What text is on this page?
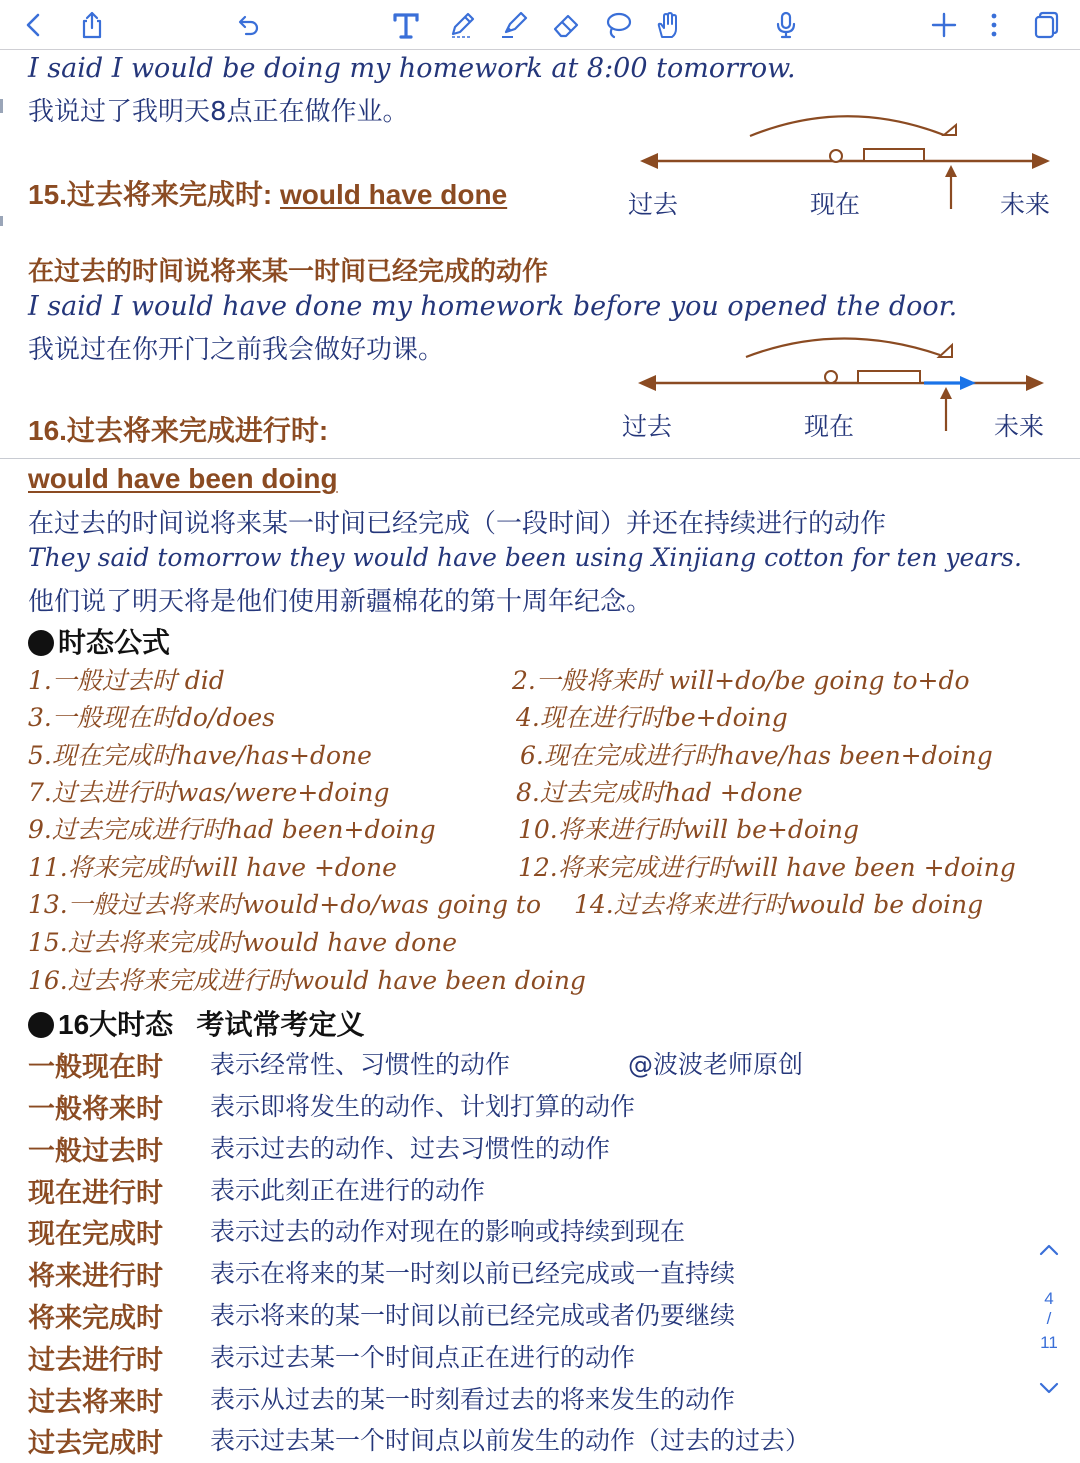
I said I would be doing my homework at 8:00 tomorrow.
我说过了我明天8点正在做作业。
15.过去将来完成时: would have done	过去	现在	未来
在过去的时间说将来某一时间已经完成的动作
I said I would have done my homework before you opened the door.
我说过在你开门之前我会做好功课。
过去	现在	未来
16.过去将来完成进行时:
would have been doing
在过去的时间说将来某一时间已经完成（一段时间）并还在持续进行的动作
They said tomorrow they would have been using Xinjiang cotton for ten years.
他们说了明天将是他们使用新疆棉花的第十周年纪念。
时态公式
1.一般过去时 did	2.一般将来时 will+do/be going to+do
3.一般现在时do/does	4.现在进行时be+doing
5.现在完成时have/has+done	6.现在完成进行时have/has been+doing
7.过去进行时was/were+doing	8.过去完成时had +done
9.过去完成进行时had been+doing	10.将来进行时will be+doing
11.将来完成时will have +done	12.将来完成进行时will have been +doing
13.一般过去将来时would+do/was going to 14.过去将来进行时would be doing
15.过去将来完成时would have done
16.过去将来完成进行时would have been doing
16大时态   考试常考定义
一般现在时	表示经常性、习惯性的动作	@波波老师原创
一般将来时	表示即将发生的动作、计划打算的动作
一般过去时	表示过去的动作、过去习惯性的动作
现在进行时	表示此刻正在进行的动作
现在完成时	表示过去的动作对现在的影响或持续到现在
将来进行时	表示在将来的某一时刻以前已经完成或一直持续
将来完成时	表示将来的某一时间以前已经完成或者仍要继续
过去进行时	表示过去某一个时间点正在进行的动作
过去将来时	表示从过去的某一时刻看过去的将来发生的动作
过去完成时	表示过去某一个时间点以前发生的动作（过去的过去）
4
/
11
